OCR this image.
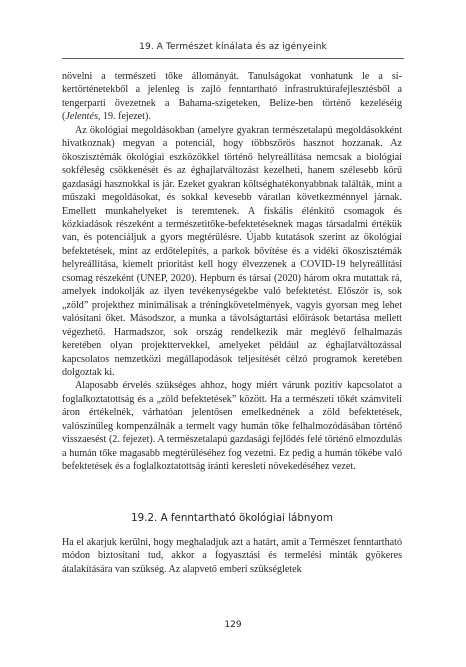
19. A Természet kínálata és az igényeink

növelni a természeti tőke állományát. Tanulságokat vonhatunk le a sikertörténetekből a jelenleg is zajló fenntartható infrastruktúrafejlesztésből a tengerparti övezetnek a Bahama-szigeteken, Belize-ben történő kezeléséig (Jelentés, 19. fejezet).

Az ökológiai megoldásokban (amelyre gyakran természetalapú megoldásokként hivatkoznak) megvan a potenciál, hogy többszörös hasznot hozzanak. Az ökoszisztémák ökológiai eszközökkel történő helyreállítása nemcsak a biológiai sokféleség csökkenését és az éghajlatváltozást kezelheti, hanem szélesebb körű gazdasági hasznokkal is jár. Ezeket gyakran költséghatékonyabbnak találták, mint a műszaki megoldásokat, és sokkal kevesebb váratlan következménnyel járnak. Emellett munkahelyeket is teremtenek. A fiskális élénkítő csomagok és közkiadások részeként a természetitőke-befektetéseknek magas társadalmi értékük van, és potenciáljuk a gyors megtérülésre. Újabb kutatások szerint az ökológiai befektetések, mint az erdőtelepítés, a parkok bővítése és a vidéki ökoszisztémák helyreállítása, kiemelt prioritást kell hogy élvezzenek a COVID-19 helyreállítási csomag részeként (UNEP, 2020). Hepburn és társai (2020) három okra mutattak rá, amelyek indokolják az ilyen tevékenységekbe való befektetést. Először is, sok „zöld” projekthez minimálisak a tréningkövetelmények, vagyis gyorsan meg lehet valósítani őket. Másodszor, a munka a távolságtartási előírások betartása mellett végezhető. Harmadszor, sok ország rendelkezik már meglévő felhalmazás keretében olyan projekttervekkel, amelyeket például az éghajlatváltozással kapcsolatos nemzetközi megállapodások teljesítését célzó programok keretében dolgoztak ki.

Alaposabb érvelés szükséges ahhoz, hogy miért várunk pozitív kapcsolatot a foglalkoztatottság és a „zöld befektetések” között. Ha a természeti tőkét számviteli áron értékelnék, várhatóan jelentősen emelkednének a zöld befektetések, valószínűleg kompenzálnák a termelt vagy humán tőke felhalmozódásában történő visszaesést (2. fejezet). A természetalapú gazdasági fejlődés felé történő elmozdulás a humán tőke magasabb megtérüléséhez fog vezetni. Ez pedig a humán tőkébe való befektetések és a foglalkoztatottság iránti keresleti növekedéséhez vezet.

19.2. A fenntartható ökológiai lábnyom

Ha el akarjuk kerülni, hogy meghaladjuk azt a határt, amit a Természet fenntartható módon biztosítani tud, akkor a fogyasztási és termelési minták gyökeres átalakítására van szükség. Az alapvető emberi szükségletek

129
